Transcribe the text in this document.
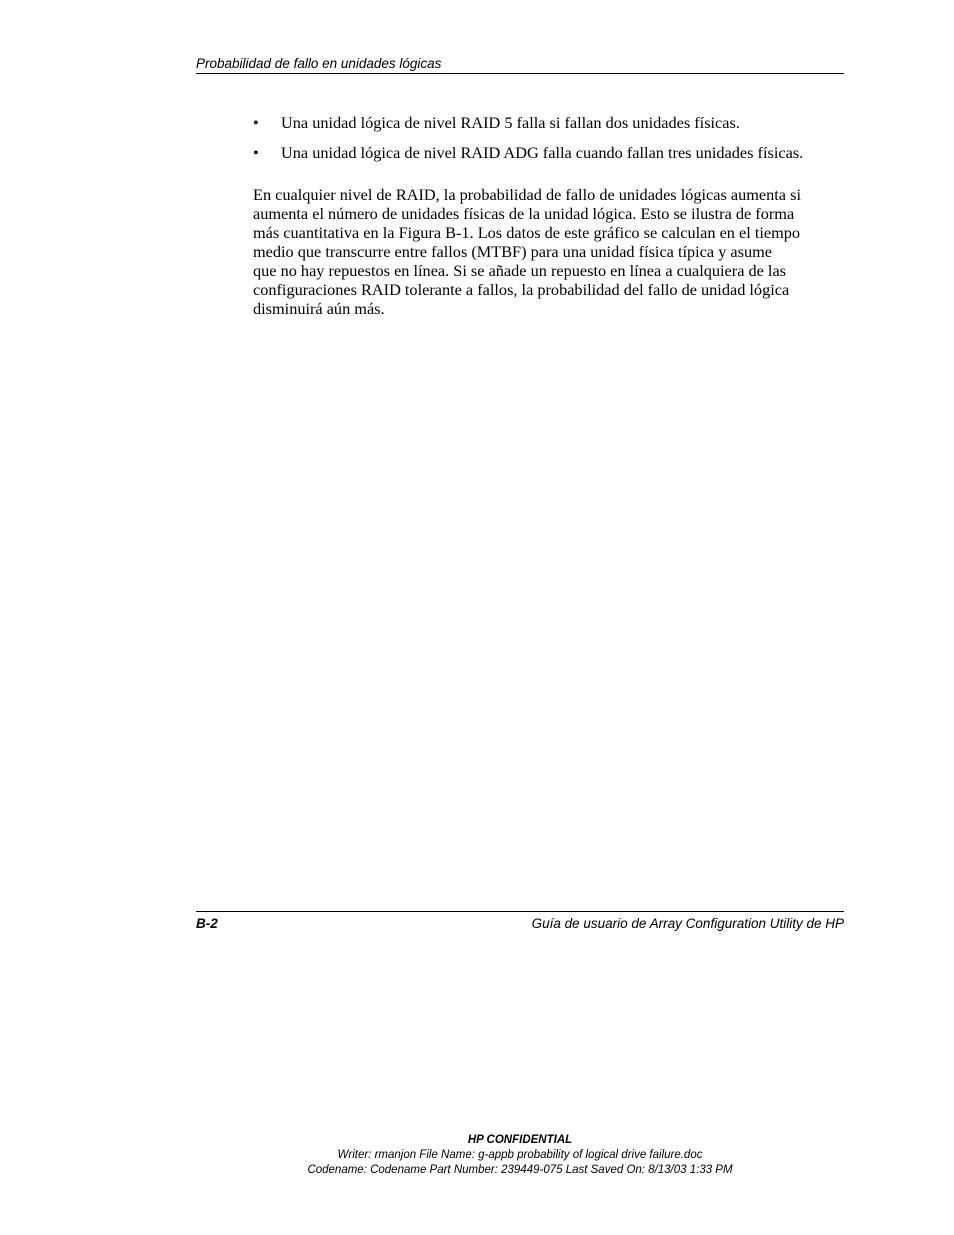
Probabilidad de fallo en unidades lógicas
• Una unidad lógica de nivel RAID 5 falla si fallan dos unidades físicas.
• Una unidad lógica de nivel RAID ADG falla cuando fallan tres unidades físicas.

En cualquier nivel de RAID, la probabilidad de fallo de unidades lógicas aumenta si
aumenta el número de unidades físicas de la unidad lógica. Esto se ilustra de forma
más cuantitativa en la Figura B-1. Los datos de este gráfico se calculan en el tiempo
medio que transcurre entre fallos (MTBF) para una unidad física típica y asume
que no hay repuestos en línea. Si se añade un repuesto en línea a cualquiera de las
configuraciones RAID tolerante a fallos, la probabilidad del fallo de unidad lógica
disminuirá aún más.

B-2	Guía de usuario de Array Configuration Utility de HP
HP CONFIDENTIAL
Writer: rmanjon File Name: g-appb probability of logical drive failure.doc
Codename: Codename Part Number: 239449-075 Last Saved On: 8/13/03 1:33 PM
